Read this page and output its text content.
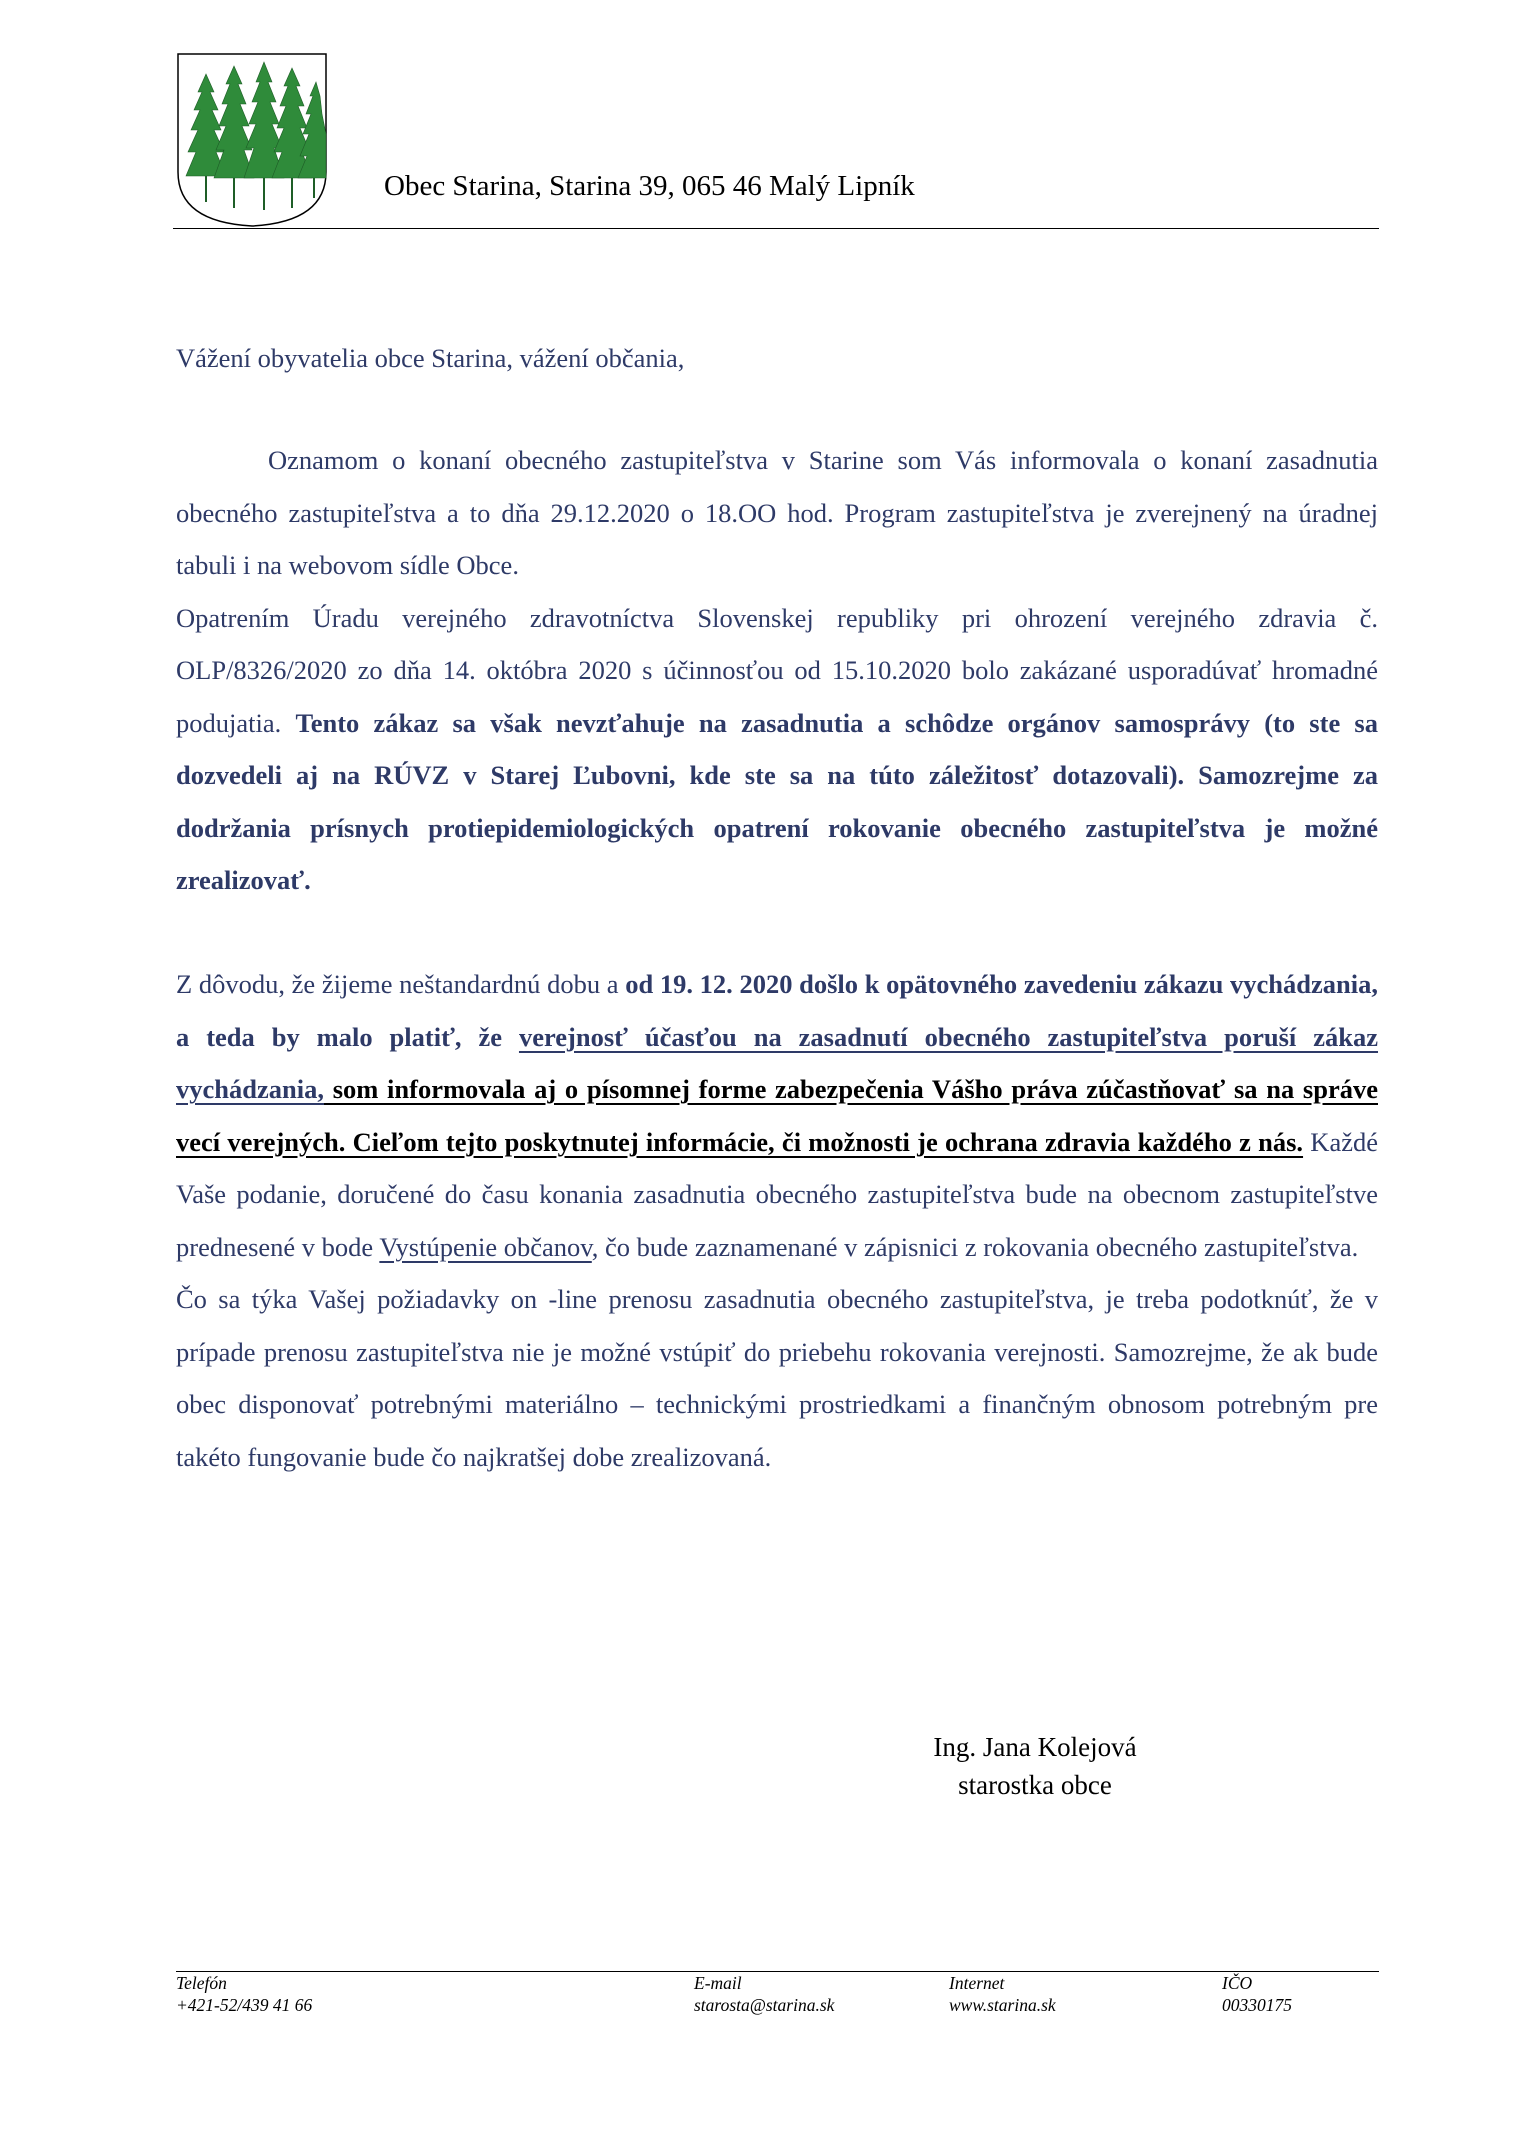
Obec Starina, Starina 39, 065 46 Malý Lipník

Vážení obyvatelia obce Starina, vážení občania,

Oznamom o konaní obecného zastupiteľstva v Starine som Vás informovala o konaní zasadnutia obecného zastupiteľstva a to dňa 29.12.2020 o 18.OO hod. Program zastupiteľstva je zverejnený na úradnej tabuli i na webovom sídle Obce.

Opatrením Úradu verejného zdravotníctva Slovenskej republiky pri ohrození verejného zdravia č. OLP/8326/2020 zo dňa 14. októbra 2020 s účinnosťou od 15.10.2020 bolo zakázané usporadúvať hromadné podujatia. Tento zákaz sa však nevzťahuje na zasadnutia a schôdze orgánov samosprávy (to ste sa dozvedeli aj na RÚVZ v Starej Ľubovni, kde ste sa na túto záležitosť dotazovali). Samozrejme za dodržania prísnych protiepidemiologických opatrení rokovanie obecného zastupiteľstva je možné zrealizovať.

Z dôvodu, že žijeme neštandardnú dobu a od 19. 12. 2020 došlo k opätovného zavedeniu zákazu vychádzania, a teda by malo platiť, že verejnosť účasťou na zasadnutí obecného zastupiteľstva poruší zákaz vychádzania, som informovala aj o písomnej forme zabezpečenia Vášho práva zúčastňovať sa na správe vecí verejných. Cieľom tejto poskytnutej informácie, či možnosti je ochrana zdravia každého z nás. Každé Vaše podanie, doručené do času konania zasadnutia obecného zastupiteľstva bude na obecnom zastupiteľstve prednesené v bode Vystúpenie občanov, čo bude zaznamenané v zápisnici z rokovania obecného zastupiteľstva.

Čo sa týka Vašej požiadavky on -line prenosu zasadnutia obecného zastupiteľstva, je treba podotknúť, že v prípade prenosu zastupiteľstva nie je možné vstúpiť do priebehu rokovania verejnosti. Samozrejme, že ak bude obec disponovať potrebnými materiálno – technickými prostriedkami a finančným obnosom potrebným pre takéto fungovanie bude čo najkratšej dobe zrealizovaná.

Ing. Jana Kolejová
starostka obce
Telefón
+421-52/439 41 66
E-mail
starosta@starina.sk
Internet
www.starina.sk
IČO
00330175
